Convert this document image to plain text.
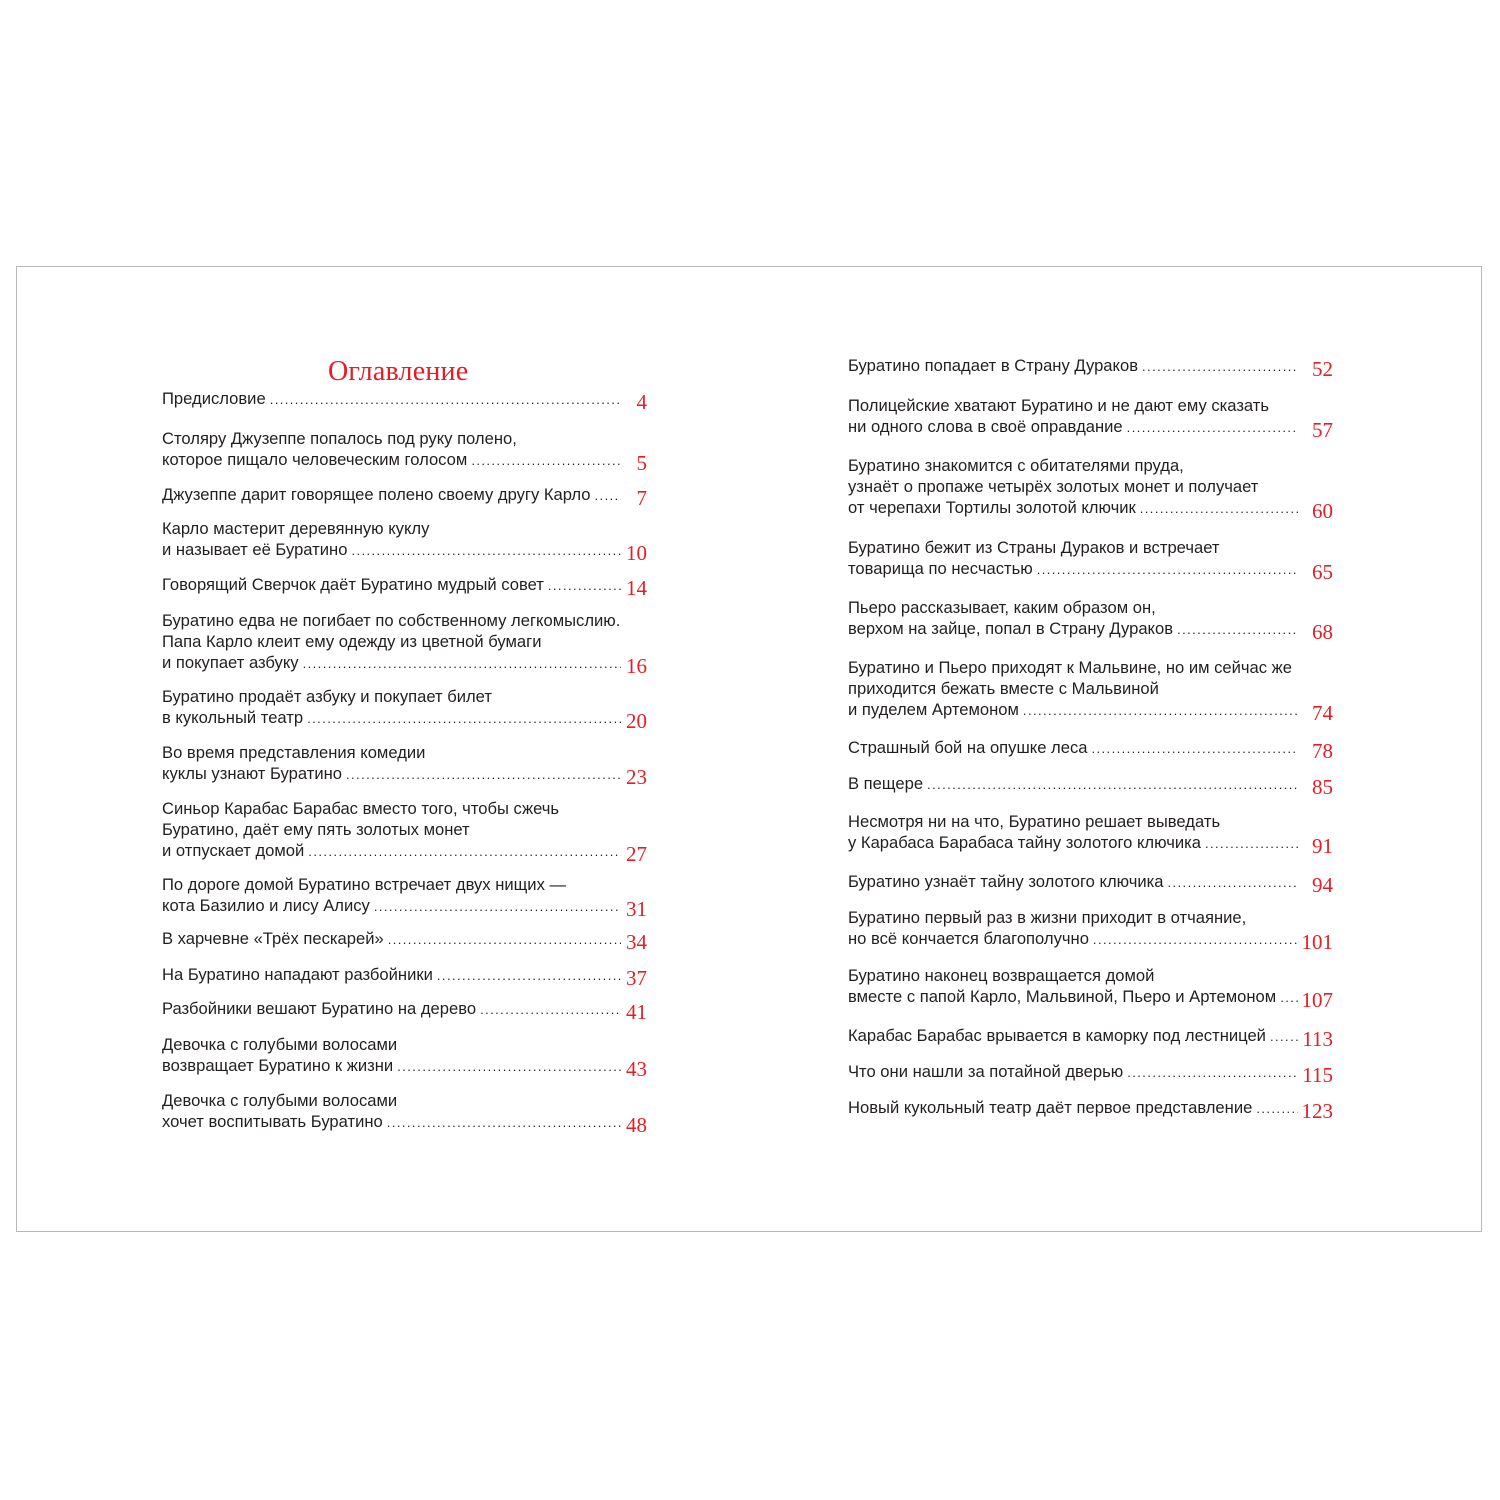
Оглавление
Предисловие . . .	4
Столяру Джузеппе попалось под руку полено,
которое пищало человеческим голосом . . .	5
Джузеппе дарит говорящее полено своему другу Карло . . . 7
Карло мастерит деревянную куклу
и называет её Буратино . . .	10
Говорящий Сверчок даёт Буратино мудрый совет . . .	14
Буратино едва не погибает по собственному легкомыслию.
Папа Карло клеит ему одежду из цветной бумаги
и покупает азбуку . . .	16
Буратино продаёт азбуку и покупает билет
в кукольный театр . . .	20
Во время представления комедии
куклы узнают Буратино . . .	23
Синьор Карабас Барабас вместо того, чтобы сжечь
Буратино, даёт ему пять золотых монет
и отпускает домой . . .	27
По дороге домой Буратино встречает двух нищих —
кота Базилио и лису Алису . . .	31
В харчевне «Трёх пескарей» . . .	34
На Буратино нападают разбойники . . .	37
Разбойники вешают Буратино на дерево . . .	41
Девочка с голубыми волосами
возвращает Буратино к жизни . . .	43
Девочка с голубыми волосами
хочет воспитывать Буратино . . .	48
Буратино попадает в Страну Дураков . . .	52
Полицейские хватают Буратино и не дают ему сказать
ни одного слова в своё оправдание . . .	57
Буратино знакомится с обитателями пруда,
узнаёт о пропаже четырёх золотых монет и получает
от черепахи Тортилы золотой ключик . . .	60
Буратино бежит из Страны Дураков и встречает
товарища по несчастью . . .	65
Пьеро рассказывает, каким образом он,
верхом на зайце, попал в Страну Дураков . . .	68
Буратино и Пьеро приходят к Мальвине, но им сейчас же
приходится бежать вместе с Мальвиной
и пуделем Артемоном . . .	74
Страшный бой на опушке леса . . .	78
В пещере . . .	85
Несмотря ни на что, Буратино решает выведать
у Карабаса Барабаса тайну золотого ключика . . .	91
Буратино узнаёт тайну золотого ключика . . .	94
Буратино первый раз в жизни приходит в отчаяние,
но всё кончается благополучно . . .	101
Буратино наконец возвращается домой
вместе с папой Карло, Мальвиной, Пьеро и Артемоном . . . 107
Карабас Барабас врывается в каморку под лестницей . . . 113
Что они нашли за потайной дверью . . .	115
Новый кукольный театр даёт первое представление . . . 123
